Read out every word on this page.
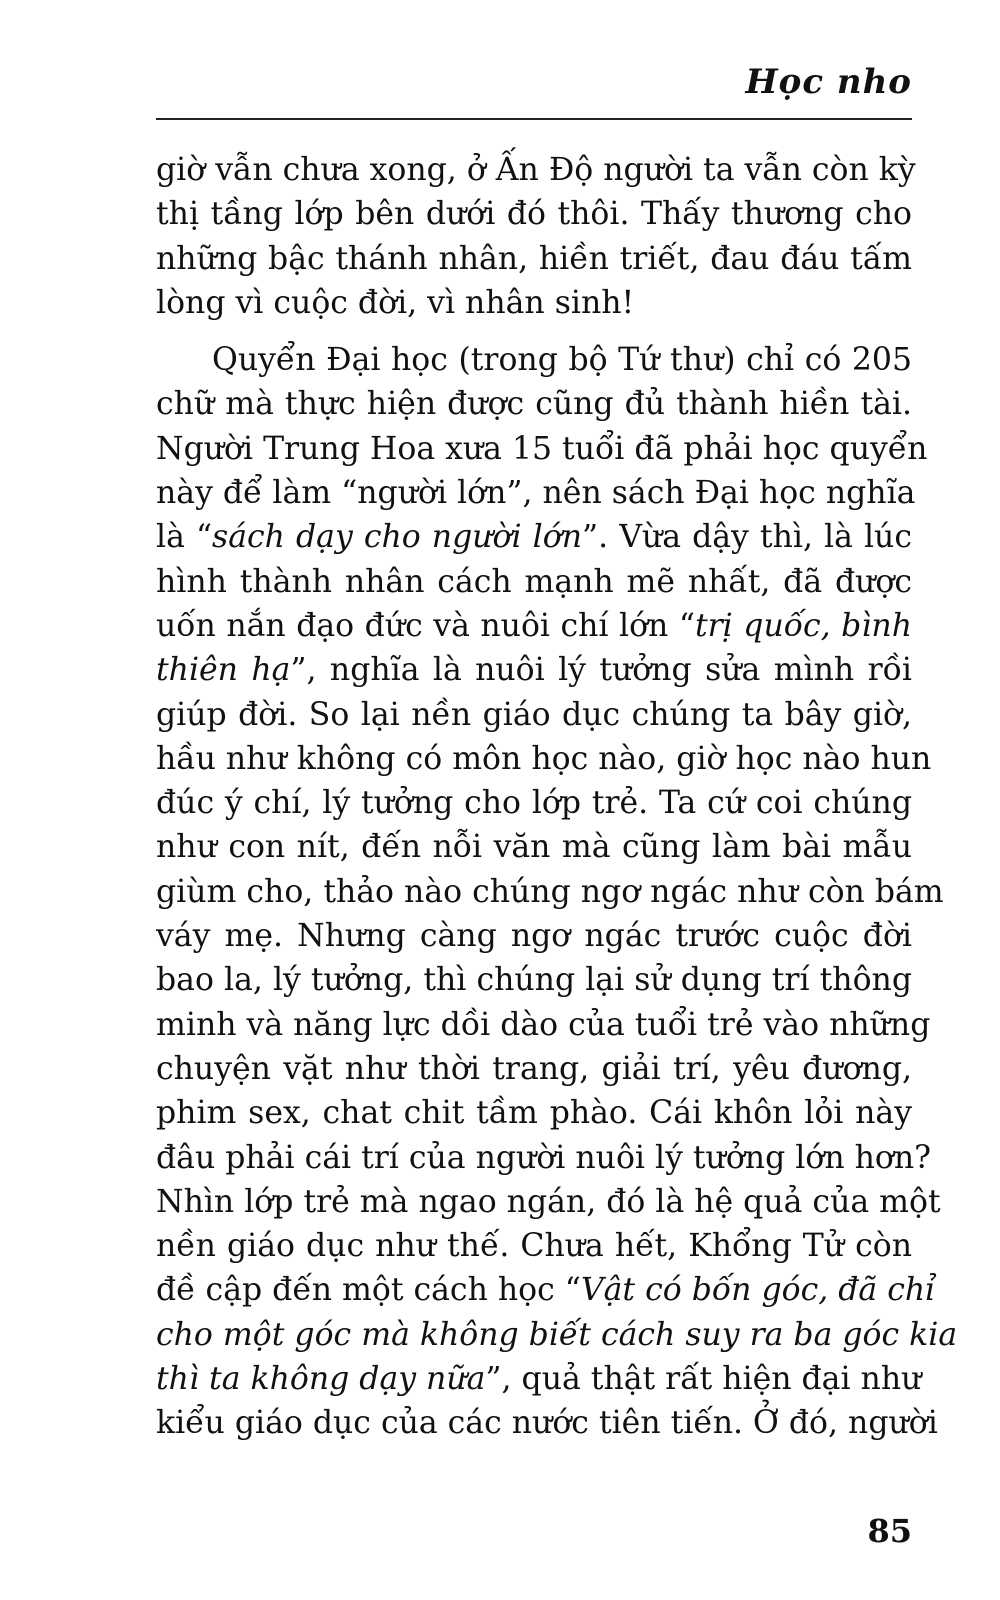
Học nho
giờ vẫn chưa xong, ở Ấn Độ người ta vẫn còn kỳ
thị tầng lớp bên dưới đó thôi. Thấy thương cho
những bậc thánh nhân, hiền triết, đau đáu tấm
lòng vì cuộc đời, vì nhân sinh!
Quyển Đại học (trong bộ Tứ thư) chỉ có 205
chữ mà thực hiện được cũng đủ thành hiền tài.
Người Trung Hoa xưa 15 tuổi đã phải học quyển
này để làm “người lớn”, nên sách Đại học nghĩa
là “sách dạy cho người lớn”. Vừa dậy thì, là lúc
hình thành nhân cách mạnh mẽ nhất, đã được
uốn nắn đạo đức và nuôi chí lớn “trị quốc, bình
thiên hạ”, nghĩa là nuôi lý tưởng sửa mình rồi
giúp đời. So lại nền giáo dục chúng ta bây giờ,
hầu như không có môn học nào, giờ học nào hun
đúc ý chí, lý tưởng cho lớp trẻ. Ta cứ coi chúng
như con nít, đến nỗi văn mà cũng làm bài mẫu
giùm cho, thảo nào chúng ngơ ngác như còn bám
váy mẹ. Nhưng càng ngơ ngác trước cuộc đời
bao la, lý tưởng, thì chúng lại sử dụng trí thông
minh và năng lực dồi dào của tuổi trẻ vào những
chuyện vặt như thời trang, giải trí, yêu đương,
phim sex, chat chit tầm phào. Cái khôn lỏi này
đâu phải cái trí của người nuôi lý tưởng lớn hơn?
Nhìn lớp trẻ mà ngao ngán, đó là hệ quả của một
nền giáo dục như thế. Chưa hết, Khổng Tử còn
đề cập đến một cách học “Vật có bốn góc, đã chỉ
cho một góc mà không biết cách suy ra ba góc kia
thì ta không dạy nữa”, quả thật rất hiện đại như
kiểu giáo dục của các nước tiên tiến. Ở đó, người
85
